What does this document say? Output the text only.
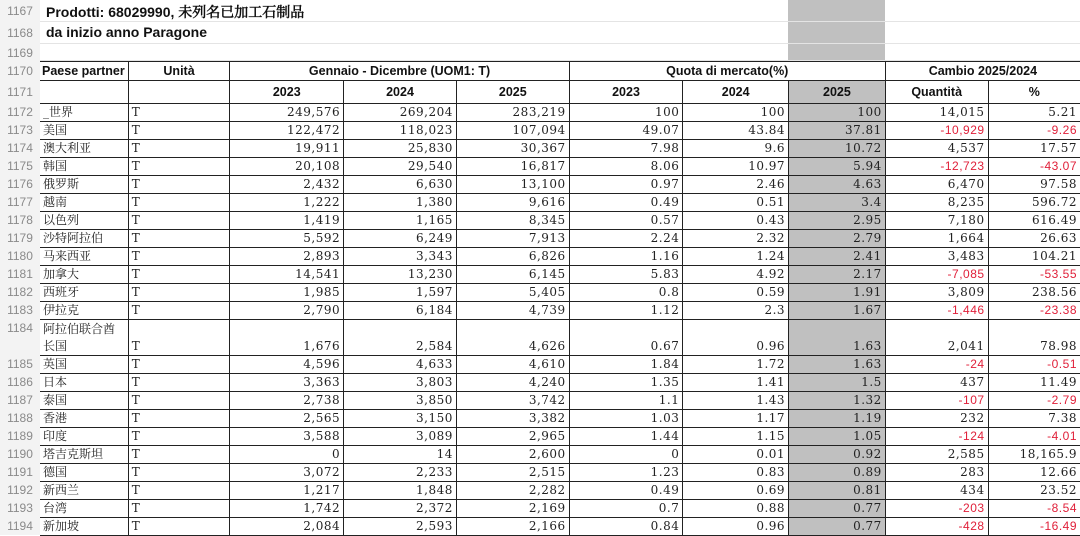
1167
1168
1169
1170
1171
1172
1173
1174
1175
1176
1177
1178
1179
1180
1181
1182
1183
1184
1185
1186
1187
1188
1189
1190
1191
1192
1193
1194
Prodotti: 68029990, 未列名已加工石制品
da inizio anno Paragone
Paese partner	Unità	Gennaio - Dicembre (UOM1: T)			Quota di mercato(%)			Cambio 2025/2024	
		2023	2024	2025	2023	2024	2025	Quantità	%
_世界	T	249,576	269,204	283,219	100	100	100	14,015	5.21
美国	T	122,472	118,023	107,094	49.07	43.84	37.81	-10,929	-9.26
澳大利亚	T	19,911	25,830	30,367	7.98	9.6	10.72	4,537	17.57
韩国	T	20,108	29,540	16,817	8.06	10.97	5.94	-12,723	-43.07
俄罗斯	T	2,432	6,630	13,100	0.97	2.46	4.63	6,470	97.58
越南	T	1,222	1,380	9,616	0.49	0.51	3.4	8,235	596.72
以色列	T	1,419	1,165	8,345	0.57	0.43	2.95	7,180	616.49
沙特阿拉伯	T	5,592	6,249	7,913	2.24	2.32	2.79	1,664	26.63
马来西亚	T	2,893	3,343	6,826	1.16	1.24	2.41	3,483	104.21
加拿大	T	14,541	13,230	6,145	5.83	4.92	2.17	-7,085	-53.55
西班牙	T	1,985	1,597	5,405	0.8	0.59	1.91	3,809	238.56
伊拉克	T	2,790	6,184	4,739	1.12	2.3	1.67	-1,446	-23.38
阿拉伯联合酋长国	T	1,676	2,584	4,626	0.67	0.96	1.63	2,041	78.98
英国	T	4,596	4,633	4,610	1.84	1.72	1.63	-24	-0.51
日本	T	3,363	3,803	4,240	1.35	1.41	1.5	437	11.49
泰国	T	2,738	3,850	3,742	1.1	1.43	1.32	-107	-2.79
香港	T	2,565	3,150	3,382	1.03	1.17	1.19	232	7.38
印度	T	3,588	3,089	2,965	1.44	1.15	1.05	-124	-4.01
塔吉克斯坦	T	0	14	2,600	0	0.01	0.92	2,585	18,165.9
德国	T	3,072	2,233	2,515	1.23	0.83	0.89	283	12.66
新西兰	T	1,217	1,848	2,282	0.49	0.69	0.81	434	23.52
台湾	T	1,742	2,372	2,169	0.7	0.88	0.77	-203	-8.54
新加坡	T	2,084	2,593	2,166	0.84	0.96	0.77	-428	-16.49
